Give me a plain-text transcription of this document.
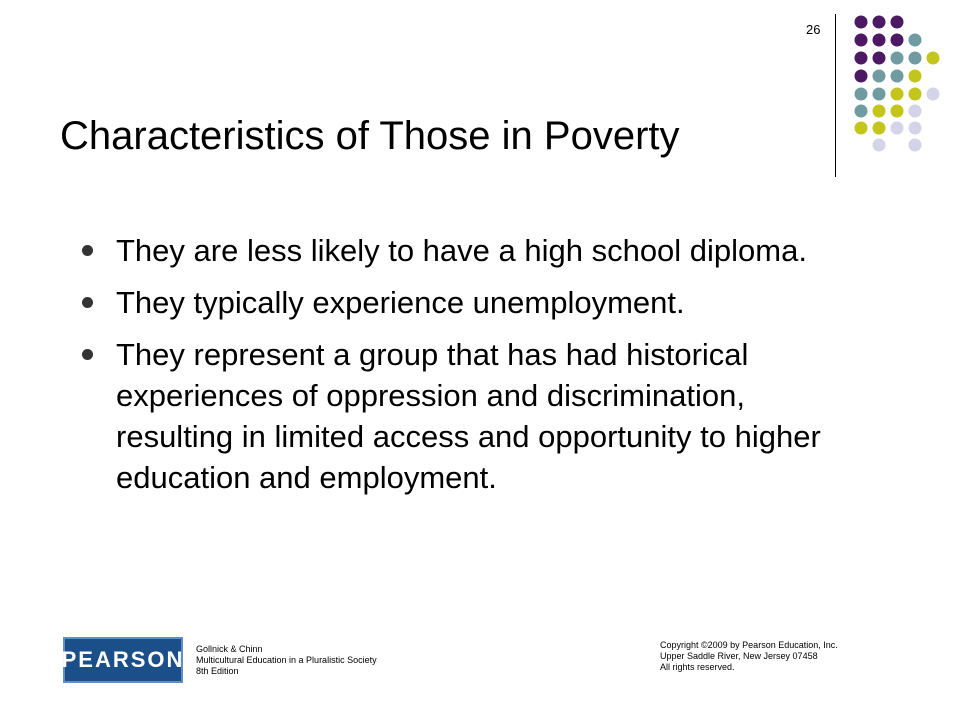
26
Characteristics of Those in Poverty
They are less likely to have a high school diploma.
They typically experience unemployment.
They represent a group that has had historical experiences of oppression and discrimination, resulting in limited access and opportunity to higher education and employment.
PEARSON Gollnick & Chinn
Multicultural Education in a Pluralistic Society
8th Edition
Copyright ©2009 by Pearson Education, Inc.
Upper Saddle River, New Jersey 07458
All rights reserved.
